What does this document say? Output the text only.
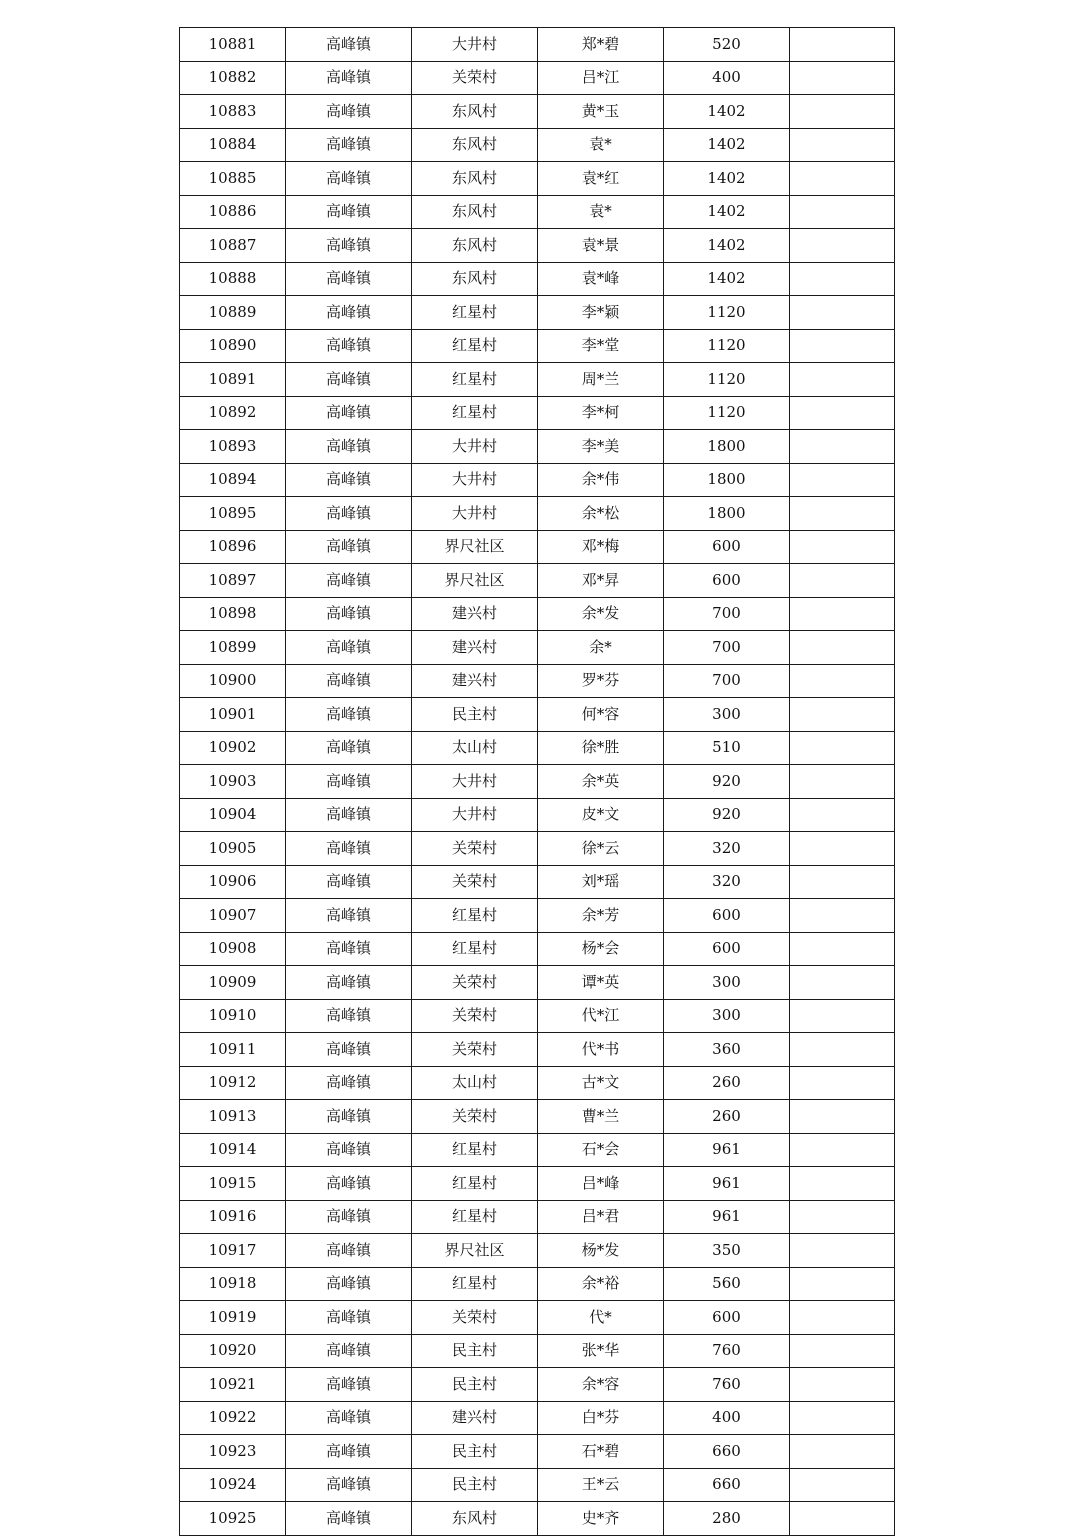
10881	高峰镇	大井村	郑*碧	520	
10882	高峰镇	关荣村	吕*江	400	
10883	高峰镇	东风村	黄*玉	1402	
10884	高峰镇	东风村	袁*	1402	
10885	高峰镇	东风村	袁*红	1402	
10886	高峰镇	东风村	袁*	1402	
10887	高峰镇	东风村	袁*景	1402	
10888	高峰镇	东风村	袁*峰	1402	
10889	高峰镇	红星村	李*颖	1120	
10890	高峰镇	红星村	李*堂	1120	
10891	高峰镇	红星村	周*兰	1120	
10892	高峰镇	红星村	李*柯	1120	
10893	高峰镇	大井村	李*美	1800	
10894	高峰镇	大井村	余*伟	1800	
10895	高峰镇	大井村	余*松	1800	
10896	高峰镇	界尺社区	邓*梅	600	
10897	高峰镇	界尺社区	邓*昇	600	
10898	高峰镇	建兴村	余*发	700	
10899	高峰镇	建兴村	余*	700	
10900	高峰镇	建兴村	罗*芬	700	
10901	高峰镇	民主村	何*容	300	
10902	高峰镇	太山村	徐*胜	510	
10903	高峰镇	大井村	余*英	920	
10904	高峰镇	大井村	皮*文	920	
10905	高峰镇	关荣村	徐*云	320	
10906	高峰镇	关荣村	刘*瑶	320	
10907	高峰镇	红星村	余*芳	600	
10908	高峰镇	红星村	杨*会	600	
10909	高峰镇	关荣村	谭*英	300	
10910	高峰镇	关荣村	代*江	300	
10911	高峰镇	关荣村	代*书	360	
10912	高峰镇	太山村	古*文	260	
10913	高峰镇	关荣村	曹*兰	260	
10914	高峰镇	红星村	石*会	961	
10915	高峰镇	红星村	吕*峰	961	
10916	高峰镇	红星村	吕*君	961	
10917	高峰镇	界尺社区	杨*发	350	
10918	高峰镇	红星村	余*裕	560	
10919	高峰镇	关荣村	代*	600	
10920	高峰镇	民主村	张*华	760	
10921	高峰镇	民主村	余*容	760	
10922	高峰镇	建兴村	白*芬	400	
10923	高峰镇	民主村	石*碧	660	
10924	高峰镇	民主村	王*云	660	
10925	高峰镇	东风村	史*齐	280	
